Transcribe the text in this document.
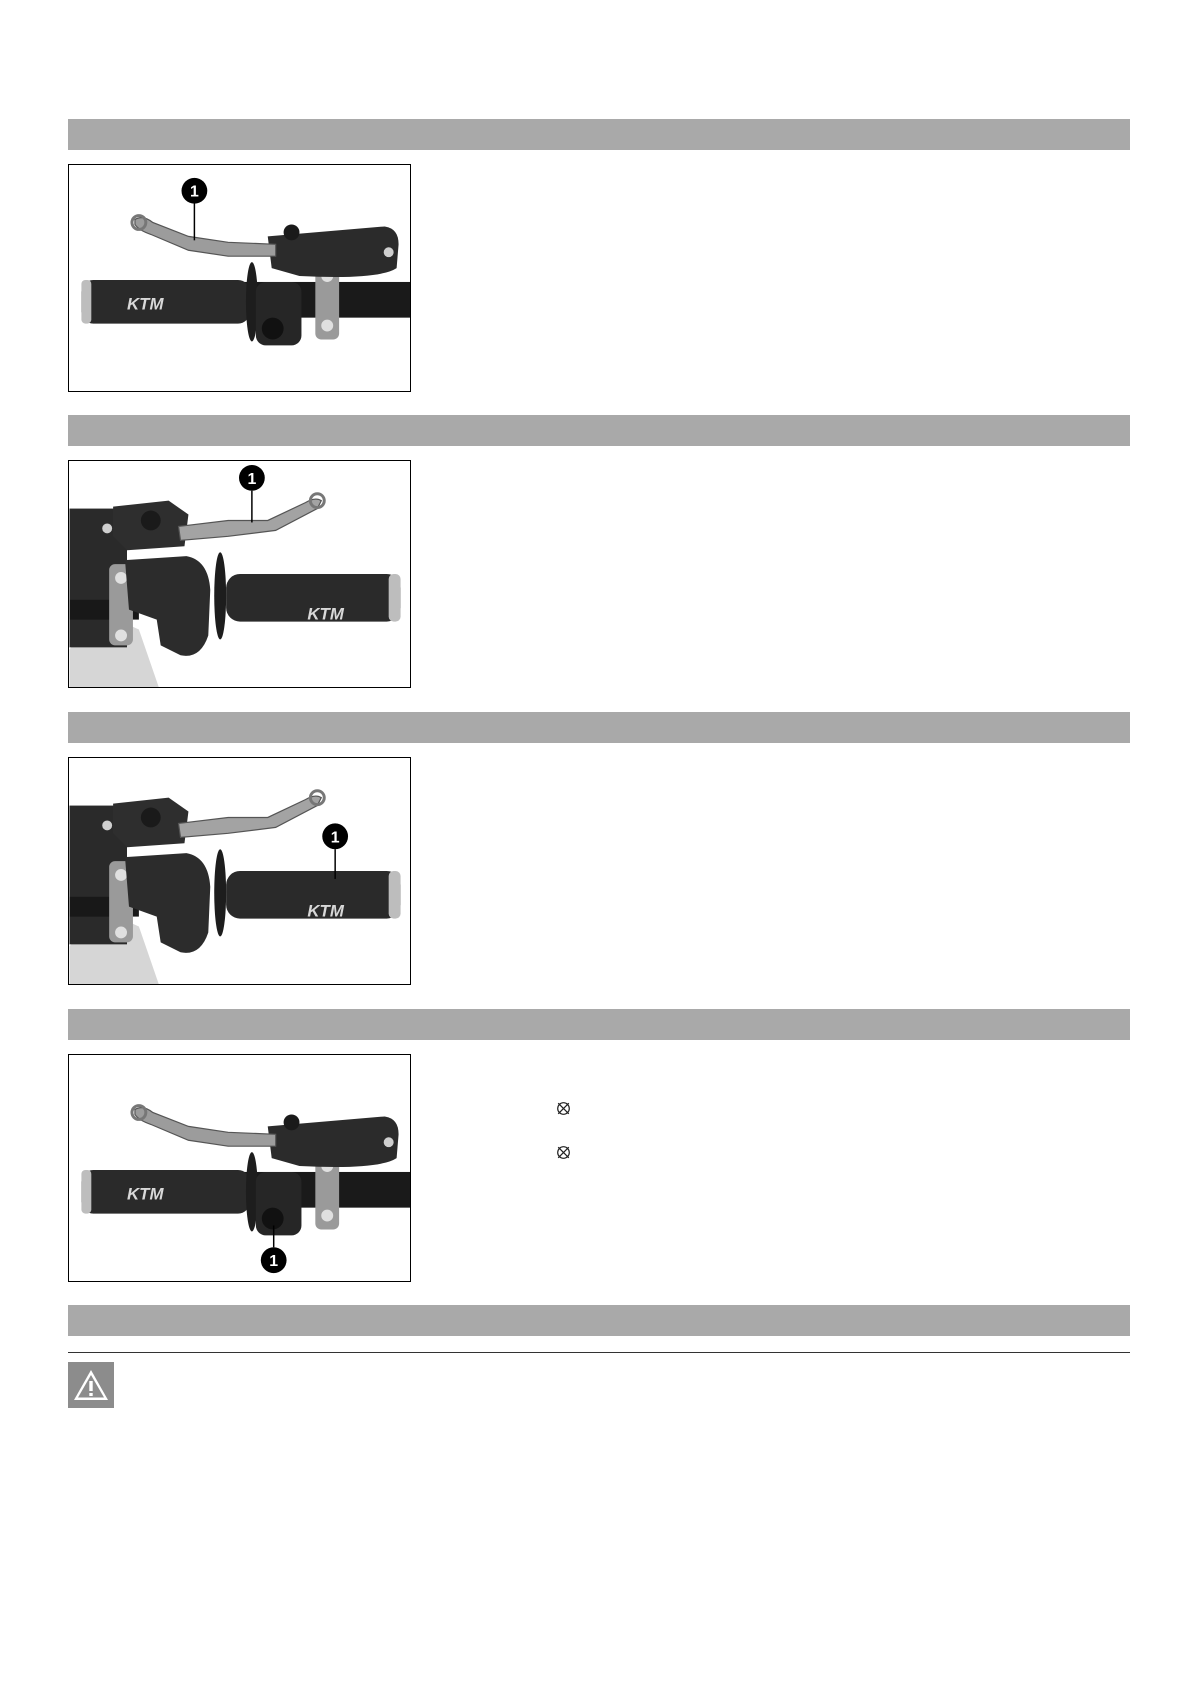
1
1
1
1
